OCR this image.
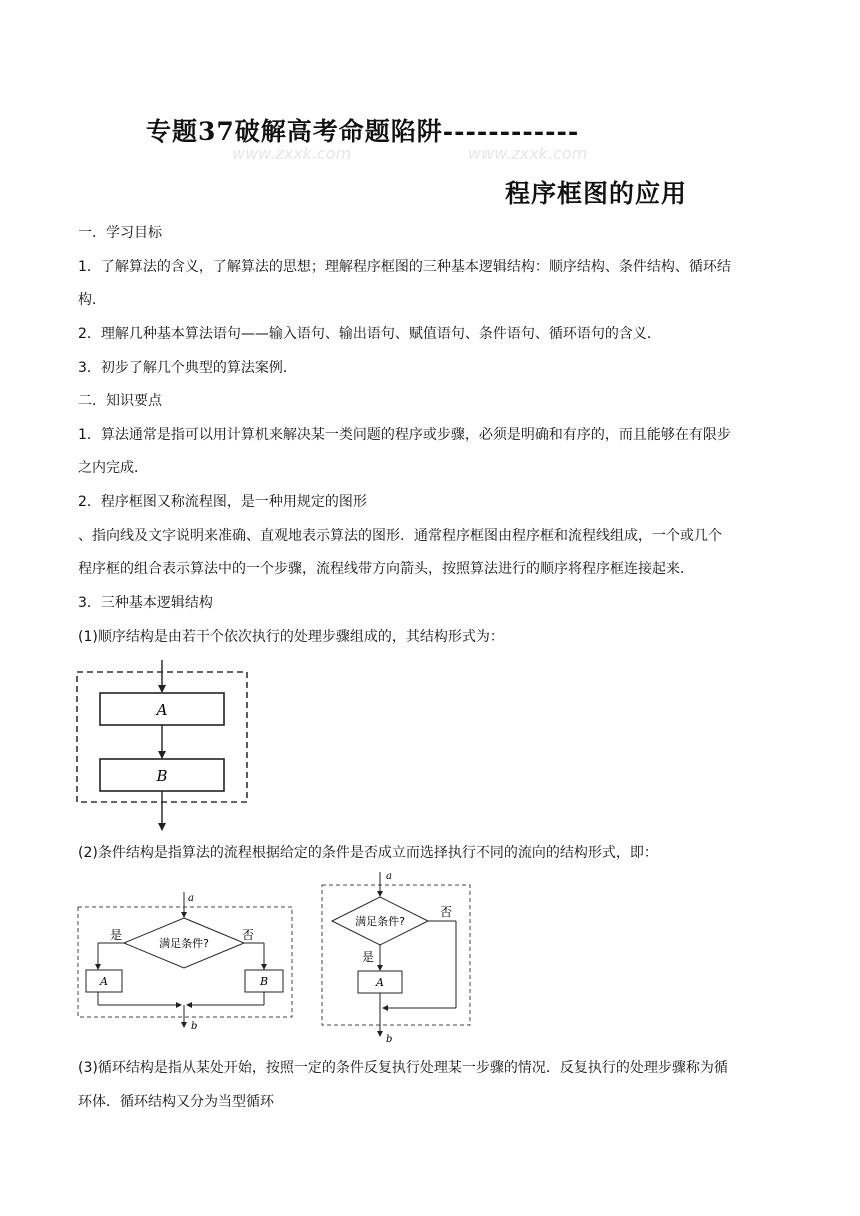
www.zxxk.com	www.zxxk.com
专题37破解高考命题陷阱------------
程序框图的应用
一．学习目标
1．了解算法的含义，了解算法的思想；理解程序框图的三种基本逻辑结构：顺序结构、条件结构、循环结
构．
2．理解几种基本算法语句——输入语句、输出语句、赋值语句、条件语句、循环语句的含义．
3．初步了解几个典型的算法案例．
二．知识要点
1．算法通常是指可以用计算机来解决某一类问题的程序或步骤，必须是明确和有序的，而且能够在有限步
之内完成．
2．程序框图又称流程图，是一种用规定的图形
、指向线及文字说明来准确、直观地表示算法的图形．通常程序框图由程序框和流程线组成，一个或几个
程序框的组合表示算法中的一个步骤，流程线带方向箭头，按照算法进行的顺序将程序框连接起来．
3．三种基本逻辑结构
(1)顺序结构是由若干个依次执行的处理步骤组成的，其结构形式为：
A
B
(2)条件结构是指算法的流程根据给定的条件是否成立而选择执行不同的流向的结构形式，即：
a
满足条件?
是	否
A	B
b
a
满足条件?
否
是
A
b
(3)循环结构是指从某处开始，按照一定的条件反复执行处理某一步骤的情况．反复执行的处理步骤称为循
环体．循环结构又分为当型循环
